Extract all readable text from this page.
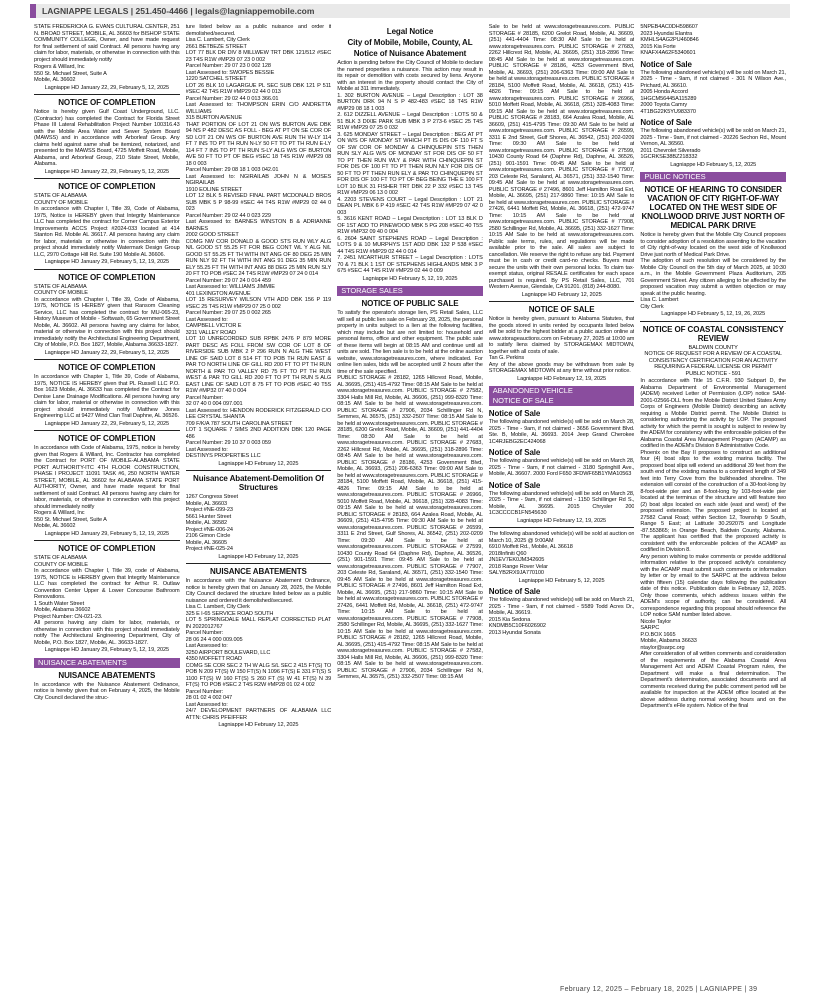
LAGNIAPPE LEGALS | 251.450-4466 | legals@lagniappemobile.com

STATE FREDERICKA G. EVANS CULTURAL CENTER, 251 N. BROAD STREET, MOBILE, AL 36603 for BISHOP STATE COMMUNITY COLLEGE, Owner, and have made request for final settlement of said Contract. All persons having any claim for labor, materials, or otherwise in connection with this project should immediately notify

Rogers & Willard, Inc
550 St. Michael Street, Suite A
Mobile, AL 36602

Lagniappe HD January 22, 29, February 5, 12, 2025

NOTICE OF COMPLETION

Notice is hereby given Gulf Coast Underground, LLC. (Contractor) has completed the Contract for Florida Street Phase III Lateral Rehabilitation Project Number 100316.43 with the Mobile Area Water and Sewer System Board (MAWSS) and in accordance with Arborleaf Group. Any claims held against same shall be itemized, notarized, and presented to the MAWSS Board, 4725 Moffett Road, Mobile, Alabama, and Arborleaf Group, 210 State Street, Mobile, Alabama.

Lagniappe HD January 22, 29, February 5, 12, 2025

NOTICE OF COMPLETION

STATE OF ALABAMA
COUNTY OF MOBILE
In accordance with Chapter I, Title 39, Code of Alabama, 1975, Notice is HEREBY given that Integrity Maintenance LLC has completed the contract for Corner Campus Exterior Improvements ACCS Project #2024-033 located at 414 Stanton Rd. Mobile AL 36617. All persons having any claim for labor, materials or otherwise in connection with this project should immediately notify Watermark Design Group LLC, 2970 Cottage Hill Rd. Suite 190 Mobile AL 36606.

Lagniappe HD January 29, February 5, 12, 19, 2025

NOTICE OF COMPLETION

STATE OF ALABAMA
COUNTY OF MOBILE
In accordance with Chapter I, Title 39, Code of Alabama, 1975, NOTICE IS HEREBY given that Ransom Cleaning Service, LLC has completed the contract for MU-065-23, History Museum of Mobile - Softwash, 65 Government Street Mobile, AL 36602. All persons having any claims for labor, material or otherwise in connection with this project should immediately notify the Architectural Engineering Department, City of Mobile, P.O. Box 1827, Mobile, Alabama 36633-1827.

Lagniappe HD January 22, 29, February 5, 12, 2025

NOTICE OF COMPLETION

In accordance with Chapter 1, Title 39, Code of Alabama, 1975, NOTICE IS HEREBY given that PL Russell LLC P.O. Box 1623 Mobile, AL 36633 has completed the Contract for Denise Lane Drainage Modifications. All persons having any claim for labor, material or otherwise in connection with this project should immediately notify Matthew Jones Engineering LLC at 9427 Wind Clan Trail Daphne, AL 36526.

Lagniappe HD January 22, 29, February 5, 12, 2025

NOTICE OF COMPLETION

In accordance with Code of Alabama, 1975, notice is hereby given that Rogers & Willard, Inc. Contractor has completed the Contract for PORT OF MOBILE-ALABAMA STATE PORT AUTHORITY-ITC 4TH FLOOR CONSTRUCTION, PHASE I PROJECT 11091 TASK #6, 250 NORTH WATER STREET, MOBILE, AL 36602 for ALABAMA STATE PORT AUTHORITY, Owner, and have made request for final settlement of said Contract. All persons having any claim for labor, materials, or otherwise in connection with this project should immediately notify
Rogers & Willard, Inc
550 St. Michael Street, Suite A
Mobile, AL 36602

Lagniappe HD January 29, February 5, 12, 19, 2025

NOTICE OF COMPLETION

STATE OF ALABAMA
COUNTY OF MOBILE
In accordance with Chapter I, Title 39, code of Alabama, 1975, NOTICE is HEREBY given that Integrity Maintenance LLC has completed the contract for Arthur R. Outlaw Convention Center Upper & Lower Concourse Bathroom Renovations.
1 South Water Street
Mobile, Alabama 36602
Project Number: CN-021-23.
All persons having any claim for labor, materials, or otherwise in connection with this project should immediately notify The Architectural Engineering Department, City of Mobile, P.O. Box 1827, Mobile, AL. 36633-1827.

Lagniappe HD January 29, February 5, 12, 19, 2025

NUISANCE ABATEMENTS
NUISANCE ABATEMENTS

In accordance with the Nuisance Abatement Ordinance, notice is hereby given that on February 4, 2025, the Mobile City Council declared the struc-

ture listed below as a public nuisance and order it demolished/secured.
Lisa C. Lambert, City Clerk
2661 BETBEZE STREET
LOT 77 BLK DR DIV 8 MILLWEW TRT DBK 121/512 #SEC 23 T4S R1W #MP29 07 23 0 002
Parcel Number: 29 07 23 0 002 128
Last Assessed to: SWOPES BESSIE
1220 SATCHEL STREET
LOT 26 BLK 10 LAGARGUE PL SEC SUB DBK 121 P 511 #SEC 42 T4S R1W #MP29 02 44 0 013
Parcel Number: 29 02 44 0 013 366.01
Last Assessed to: THOMPSON ERIN C/O ANDRETTA WILLIAMS
315 BURTON AVENUE
THAT PORTION OF LOT 21 ON W/S BURTON AVE DBK 94 NS P 482 DESC AS FOLL - BEG AT PT ON SE COR OF SD LOT 21 ON W/S OF BURTON AVE RUN TH W-LY 114 FT 7 INS TO PT TH RUN N-LY 50 FT TO PT TH RUN E-LY 114 FT 7 INS TO PT TH RUN S-LY ALG W/S OF BURTON AVE 50 FT TO PT OF BEG #SEC 18 T4S R1W #MP29 08 18 0 003
Parcel Number: 29 08 18 1 003 042.01
Last Assessed to: NGIRAILAB JOHN N & MOSES NGIRAILAB
1910 EOLINE STREET
LOT 12 BLK 5 REVISED FINAL PART MCDONALD BROS SUB MBK 5 P 98-99 #SEC 44 T4S R1W #MP29 02 44 0 023
Parcel Number: 29 02 44 0 023 229
Last Assessed to: BARNES WINSTON B & ADRIANNE BARNES
2002 GOOD STREET
COMG NW COR DONALD & GOOD STS RUN WLY ALG N/L GOOD ST 55.25 FT FOR BEG CONT WL Y ALG N/L GOOD ST 55.25 FT TH WITH INT ANG OF 80 DEG 25 MIN RUN NLY 92 FT TH WITH INT ANG 91 DEG 35 MIN RUN ELY 55.25 FT TH WITH INT ANG 88 DEG 25 MIN RUN SLY 20 FT TO POB #SEC 24 T4S R1W #MP29 07 24 0 014
Parcel Number: 29 07 24 0 014 459
Last Assessed to: WILLIAMS JIMMIE
401 LEXINGTON AVENUE
LOT 15 RESURVEY WILSON VTH ADD DBK 156 P 119 #SEC 25 T4S R1W #MP29 07 25 0 002
Parcel Number: 29 07 25 0 002 265
Last Assessed to:
CAMPBELL VICTOR E
3211 VALLEY ROAD
LOT 10 UNRECORDED SUB RPBK 2476 P 879 MORE PART DESC AS FOLL FROM SW COR OF LOT 8 OF RIVERSIDE SUB MBK 2 P 296 RUN N ALG THE WEST LINE OF SAID LOT 8 514 FT TO POB TH RUN EAST & PAR TO NORTH LINE OF GILL RD 200 FT TO PT TH RUN NORTH & PAR TO VALLEY RD 75 FT TO PT TH RUN WEST & PAR TO GILL RD 200 FT TO PT TH RUN S ALG EAST LINE OF SAID LOT 8 75 FT TO POB #SEC 40 T5S R1W #MP32 07 40 0 004
Parcel Number:
32 07 40 0 004 097.001
Last Assessed to: HENDON RODERICK FITZGERALD C/O LEE CRYSTAL SHANTA
709 F/K/A 787 SOUTH CAROLINA STREET
LOT 1 SQUARE 7 SIMS 2ND ADDITION DBK 120 PAGE 486
Parcel Number: 29 10 37 0 003 059
Last Assessed to:
DESTINYS PROPERTIES LLC

Lagniappe HD February 12, 2025

Nuisance Abatement-Demolition Of Structures

1267 Congress Street
Mobile, AL 36603
Project #NE-099-23
5661 Hunter Street
Mobile, AL 36582
Project #NE-006-24
2106 Gimon Circle
Mobile, AL 36605
Project #NE-025-24

Lagniappe HD February 12, 2025

NUISANCE ABATEMENTS

In accordance with the Nuisance Abatement Ordinance, notice is hereby given that on January 28, 2025, the Mobile City Council declared the structure listed below as a public nuisance and ordered it demolished/secured.
Lisa C. Lambert, City Clerk
325 E I-65 SERVICE ROAD SOUTH
LOT 5 SPRINGDALE MALL REPLAT CORRECTED PLAT IN 2022012767
Parcel Number:
28 06 24 4 000 009.005
Last Assessed to:
3250 AIRPORT BOULEVARD, LLC
4350 MOFFETT ROAD
COMG SE COR SEC 2 TH W ALG S/L SEC 2 415 FT(S) TO POB N 209 FT(S) W 150 FT(S) N 1096 FT(S) E 331 FT(S) S 1100 FT(S) W 160 FT(S) S 260 FT (S) W 41 FT(S) N 39 FT(S) TO POB #SEC 2 T4S R2W #MP28 01 02 4 002
Parcel Number:
28 01 02 4 002 047
Last Assessed to:
24/7 DEVELOPMENT PARTNERS OF ALABAMA LLC ATTN: CHRIS PFEIFFER

Lagniappe HD February 12, 2025

Legal Notice
City of Mobile, Mobile, County, AL
Notice of Nuisance Abatement

Action is pending before the City Council of Mobile to declare the named properties a nuisance. This action may result in its repair or demolition with costs secured by liens. Anyone with an interest in the property should contact the City of Mobile at 311 immediately.
1. 302 BURTON AVENUE – Legal Description : LOT 38 BURTON DRK 94 N S P 482-483 #SEC 18 T4S R1W #MP29 08 18 1 003
2. 612 DIZZELL AVENUE – Legal Description : LOTS 50 & 51 BLK 3 DIXIE PARK SUB MBK 3 P 273-6 #SEC 25 T4S R1W #MP29 07 25 0 032
3. 625 MONDAY STREET – Legal Description : BEG AT PT ON W/S OF MONDAY ST WHICH PT IS DIS OF 110 FT S OF SW COR OF MONDAY & CHINQUEPIN STS THEN RUN SLY ALG W/S OF MONDAY ST FOR DIS OF 50 FT TO PT THEN RUN WLY & PAR WITH CHINQUEPIN ST FOR DIS OF 100 FT TO PT THEN RUN NLY FOR DIS OF 50 FT TO PT THEN RUN ELY & PAR TO CHINQUEPIN ST FOR DIS OF 100 FT TO PT OF BEG BEING THE E 100 FT LOT 10 BLK 31 FISHER TRT DBK 22 P 332 #SEC 13 T4S R1W #MP29 06 13 0 002
4. 2203 STEVENS COURT – Legal Description : LOT 21 DEAN PL MBK 6 P 419 #SEC 42 T4S R1W #MP29 07 42 0 003
5. 3616 KENT ROAD – Legal Description : LOT 13 BLK D OF 1ST ADD TO PINEWOOD MBK 5 PG 208 #SEC 40 T5S R1W #MP32 09 40 0 004
6. 2604 SAINT STEPHENS ROAD – Legal Description : LOTS 9 & 10 MURPHYS 1ST ADD DBK 132 P 538 #SEC 44 T4S R1W #MP29 02 44 0 014
7. 2451 MCARTHUR STREET – Legal Description : LOTS 70 & 71 BLK 1 1ST OF STEPHENS HIGHLANDS MBK 3 P 675 #SEC 44 T4S R1W #MP29 02 44 0 009

Lagniappe HD February 5, 12, 19, 2025

STORAGE SALES
NOTICE OF PUBLIC SALE

To satisfy the operator's storage lien, PS Retail Sales, LLC will sell at public lien sale on February 28, 2025, the personal property in units subject to a lien at the following facilities, which may include but are not limited to: household and personal items, office and other equipment. The public sale of these items will begin at 08:15 AM and continue until all units are sold. The lien sale is to be held at the online auction website, www.storagetreasures.com, where indicated. For online lien sales, bids will be accepted until 2 hours after the time of the sale specified.
PUBLIC STORAGE # 28182, 1265 Hillcrest Road, Mobile, AL 36695, (251) 415-4792 Time: 08:15 AM Sale to be held at www.storagetreasures.com. PUBLIC STORAGE # 27582, 3304 Halls Mill Rd, Mobile, AL 36606, (251) 999-8320 Time: 08:15 AM Sale to be held at www.storagetreasures.com. PUBLIC STORAGE # 27906, 2034 Schillinger Rd N, Semmes, AL 36575, (251) 332-2507 Time: 08:15 AM Sale to be held at www.storagetreasures.com. PUBLIC STORAGE # 28185, 6200 Grelot Road, Mobile, AL 36609, (251) 441-4404 Time: 08:30 AM Sale to be held at www.storagetreasures.com. PUBLIC STORAGE # 27683, 2262 Hillcrest Rd, Mobile, AL 36695, (251) 318-2896 Time: 08:45 AM Sale to be held at www.storagetreasures.com. PUBLIC STORAGE # 28186, 4253 Government Blvd, Mobile, AL 36693, (251) 206-6363 Time: 09:00 AM Sale to be held at www.storagetreasures.com. PUBLIC STORAGE # 28184, 5100 Moffett Road, Mobile, AL 36618, (251) 415-4826 Time: 09:15 AM Sale to be held at www.storagetreasures.com. PUBLIC STORAGE # 26966, 5010 Moffett Road, Mobile, AL 36618, (251) 328-4083 Time: 09:15 AM Sale to be held at www.storagetreasures.com. PUBLIC STORAGE # 28183, 664 Azalea Road, Mobile, AL 36609, (251) 415-4795 Time: 09:30 AM Sale to be held at www.storagetreasures.com. PUBLIC STORAGE # 26599, 3311 E 2nd Street, Gulf Shores, AL 36542, (251) 202-0209 Time: 09:30 AM Sale to be held at www.storagetreasures.com. PUBLIC STORAGE # 27599, 10430 County Road 64 (Daphne Rd), Daphne, AL 36526, (251) 901-1591 Time: 09:45 AM Sale to be held at www.storagetreasures.com. PUBLIC STORAGE # 77907, 203 Celeste Rd, Saraland, AL 36571, (251) 332-1540 Time: 09:45 AM Sale to be held at www.storagetreasures.com. PUBLIC STORAGE # 27496, 8601 Jeff Hamilton Road Ext, Mobile, AL 36695, (251) 217-9860 Time: 10:15 AM Sale to be held at www.storagetreasures.com. PUBLIC STORAGE # 27426, 6441 Moffett Rd, Mobile, AL 36618, (251) 472-9747 Time: 10:15 AM Sale to be held at www.storagetreasures.com. PUBLIC STORAGE # 77908, 2580 Schillinger Rd, Mobile, AL 36695, (251) 332-1627 Time: 10:15 AM Sale to be held at www.storagetreasures.com. PUBLIC STORAGE # 28182, 1265 Hillcrest Road, Mobile, AL 36695, (251) 415-4792 Time: 08:15 AM Sale to be held at www.storagetreasures.com. PUBLIC STORAGE # 27582, 3304 Halls Mill Rd, Mobile, AL 36606, (251) 999-8320 Time: 08:15 AM Sale to be held at www.storagetreasures.com. PUBLIC STORAGE # 27906, 2034 Schillinger Rd N, Semmes, AL 36575, (251) 332-2507 Time: 08:15 AM

Sale to be held at www.storagetreasures.com. PUBLIC STORAGE # 28185, 6200 Grelot Road, Mobile, AL 36609, (251) 441-4404 Time: 08:30 AM Sale to be held at www.storagetreasures.com. PUBLIC STORAGE # 27683, 2262 Hillcrest Rd, Mobile, AL 36695, (251) 318-2896 Time: 08:45 AM Sale to be held at www.storagetreasures.com. PUBLIC STORAGE # 28186, 4253 Government Blvd, Mobile, AL 36693, (251) 206-6363 Time: 09:00 AM Sale to be held at www.storagetreasures.com. PUBLIC STORAGE # 28184, 5100 Moffett Road, Mobile, AL 36618, (251) 415-4826 Time: 09:15 AM Sale to be held at www.storagetreasures.com. PUBLIC STORAGE # 26966, 5010 Moffett Road, Mobile, AL 36618, (251) 328-4083 Time: 09:15 AM Sale to be held at www.storagetreasures.com. PUBLIC STORAGE # 28183, 664 Azalea Road, Mobile, AL 36609, (251) 415-4795 Time: 09:30 AM Sale to be held at www.storagetreasures.com. PUBLIC STORAGE # 26599, 3311 E 2nd Street, Gulf Shores, AL 36542, (251) 202-0209 Time: 09:30 AM Sale to be held at www.storagetreasures.com. PUBLIC STORAGE # 27599, 10430 County Road 64 (Daphne Rd), Daphne, AL 36526, (251) 901-1591 Time: 09:45 AM Sale to be held at www.storagetreasures.com. PUBLIC STORAGE # 77907, 203 Celeste Rd, Saraland, AL 36571, (251) 332-1540 Time: 09:45 AM Sale to be held at www.storagetreasures.com. PUBLIC STORAGE # 27496, 8601 Jeff Hamilton Road Ext, Mobile, AL 36695, (251) 217-9860 Time: 10:15 AM Sale to be held at www.storagetreasures.com. PUBLIC STORAGE # 27426, 6441 Moffett Rd, Mobile, AL 36618, (251) 472-9747 Time: 10:15 AM Sale to be held at www.storagetreasures.com. PUBLIC STORAGE # 77908, 2580 Schillinger Rd, Mobile, AL 36695, (251) 332-1627 Time: 10:15 AM Sale to be held at www.storagetreasures.com. Public sale terms, rules, and regulations will be made available prior to the sale. All sales are subject to cancellation. We reserve the right to refuse any bid. Payment must be in cash or credit card-no checks. Buyers must secure the units with their own personal locks. To claim tax-exempt status, original RESALE certificates for each space purchased is required. By PS Retail Sales, LLC, 701 Western Avenue, Glendale, CA 91201. (818) 244-8080.

Lagniappe HD February 12, 2025

NOTICE OF SALE

Notice is hereby given, pursuant to Alabama Statutes, that the goods stored in units rented by occupants listed below will be sold to the highest bidder at a public auction online at www.storageauctions.com on February 27, 2025 at 10:00 am to satisfy liens claimed by STORAGEMAX MIDTOWN, together with all costs of sale.
Tan G. Perkins
Any of the above goods may be withdrawn from sale by STORAGEMAX MIDTOWN at any time without prior notice.

Lagniappe HD February 12, 19, 2025

ABANDONED VEHICLE
NOTICE OF SALE
Notice of Sale

The following abandoned vehicle(s) will be sold on March 28, 2025 - Time - 9am, if not claimed - 3656 Government Blvd. Ste. B, Mobile, AL 36693. 2014 Jeep Grand Cherokee 1C4RJEBG2EC424068

Notice of Sale

The following abandoned vehicle(s) will be sold on March 28, 2025 - Time - 9am, if not claimed - 3180 Springhill Ave., Mobile, AL 36607. 2000 Ford F650 3FDWF65B1YMA10563

Notice of Sale

The following abandoned vehicle(s) will be sold on March 28, 2025 - Time - 9am, if not claimed - 1150 Schillinger Rd S., Mobile, AL 36695. 2015 Chrysler 200 1C3CCCCB1FN545630

Lagniappe HD February 12, 19, 2025

The following abandoned vehicle(s) will be sold at auction on March 10, 2025 @ 9:00AM
6910 Moffett Rd., Mobile, AL 36618
2018Infiniti Q60
JN1EV7EK0JM342605
2018 Range Rover Velar
SALYB2RX9JA770100

Lagniappe HD February 5, 12, 2025

Notice of Sale

The following abandoned vehicle(s) will be sold on March 21, 2025 - Time - 9am, if not claimed - 5589 Todd Acres Dr., Mobile, AL 36619.
2015 Kia Sedona
KNDMB5C10F6026902
2013 Hyundai Sonata

5NPEB4AC0DH598607
2023 Hyundai Elantra
KMHLS4AG2PU460846
2015 Kia Forte
KNAFX4A62F5340601

Notice of Sale

The following abandoned vehicle(s) will be sold on March 21, 2025 - Time - 9am, if not claimed - 301 N Wilson Ave., Prichard, AL 36610.
2005 Honda Accord
1HGCM56445A115289
2000 Toyota Camry
4T1BG22K5YU983370

Notice of Sale

The following abandoned vehicle(s) will be sold on March 21, 2025 - Time - 9am, if not claimed - 20226 Sechon Rd., Mount Vernon, AL 36560.
2011 Chevrolet Silverado
1GCRKSE38BZ218332

Lagniappe HD February 5, 12, 2025

PUBLIC NOTICES
NOTICE OF HEARING TO CONSIDER VACATION OF CITY RIGHT-OF-WAY LOCATED ON THE WEST SIDE OF KNOLLWOOD DRIVE JUST NORTH OF MEDICAL PARK DRIVE

Notice is hereby given that the Mobile City Council proposes to consider adoption of a resolution assenting to the vacation of City right-of-way located on the west side of Knollwood Drive just north of Medical Park Drive.
The adoption of such resolution will be considered by the Mobile City Council on the 5th day of March 2025, at 10:30 a.m., in the Mobile Government Plaza Auditorium, 205 Government Street. Any citizen alleging to be affected by the proposed vacation may submit a written objection or may speak at the public hearing.
Lisa C. Lambert
City Clerk

Lagniappe HD February 5, 12, 19, 26, 2025

NOTICE OF COASTAL CONSISTENCY REVIEW

BALDWIN COUNTY
NOTICE OF REQUEST FOR A REVIEW OF A COASTAL CONSISTENCY CERTIFICATION FOR AN ACTIVITY REQUIRING A FEDERAL LICENSE OR PERMIT
PUBLIC NOTICE - 591

In accordance with Title 15 C.F.R. 930 Subpart D, the Alabama Department of Environmental Management (ADEM) received Letter of Permission (LOP) notice SAM-2001-02566-DLL from the Mobile District United States Army Corps of Engineers (Mobile District) describing an activity requiring a Mobile District permit. The Mobile District is considering authorizing the activity by LOP. The proposed activity for which the permit is sought is subject to review by the ADEM for consistency with the enforceable policies of the Alabama Coastal Area Management Program (ACAMP) as codified in the ADEM's Division 8 Administrative Code.
Phoenix on the Bay II proposes to construct an additional four (4) boat slips to the existing marina facility. The proposed boat slips will extend an additional 39 feet from the south end of the existing marina to a combined length of 349 feet into Terry Cove from the bulkheaded shoreline. The extension will consist of the construction of a 30-foot-long by 8-foot-wide pier and an 8-foot-long by 103-foot-wide pier located at the terminus of the structure and will feature two (2) boat slips located on each side (east and west) of the proposed extension. The proposed project is located at 27582 Canal Road; within Section 12, Township 9 South, Range 5 East; at Latitude 30.292075 and Longitude -87.553865; in Orange Beach, Baldwin County, Alabama. The applicant has certified that the proposed activity is consistent with the enforceable policies of the ACAMP as codified in Division 8.
Any person wishing to make comments or provide additional information relative to the proposed activity's consistency with the ACAMP must submit such comments or information by letter or by email to the SARPC at the address below within fifteen (15) calendar days following the publication date of this notice. Publication date is February 12, 2025. Only those comments, which address issues within the ADEM's scope of authority, can be considered. All correspondence regarding this proposal should reference the LOP notice SAM number listed above.
Nicole Taylor
SARPC
P.O.BOX 1665
Mobile, Alabama 36633
ntaylor@sarpc.org
After consideration of all written comments and consideration of the requirements of the Alabama Coastal Area Management Act and ADEM Coastal Program rules, the Department will make a final determination. The Department's determination, associated documents and all comments received during the public comment period will be available for inspection at the ADEM office located at the above address during normal working hours and on the Department's eFile system. Notice of the final

February 12, 2025 – February 18, 2025 | LAGNIAPPE | 39
